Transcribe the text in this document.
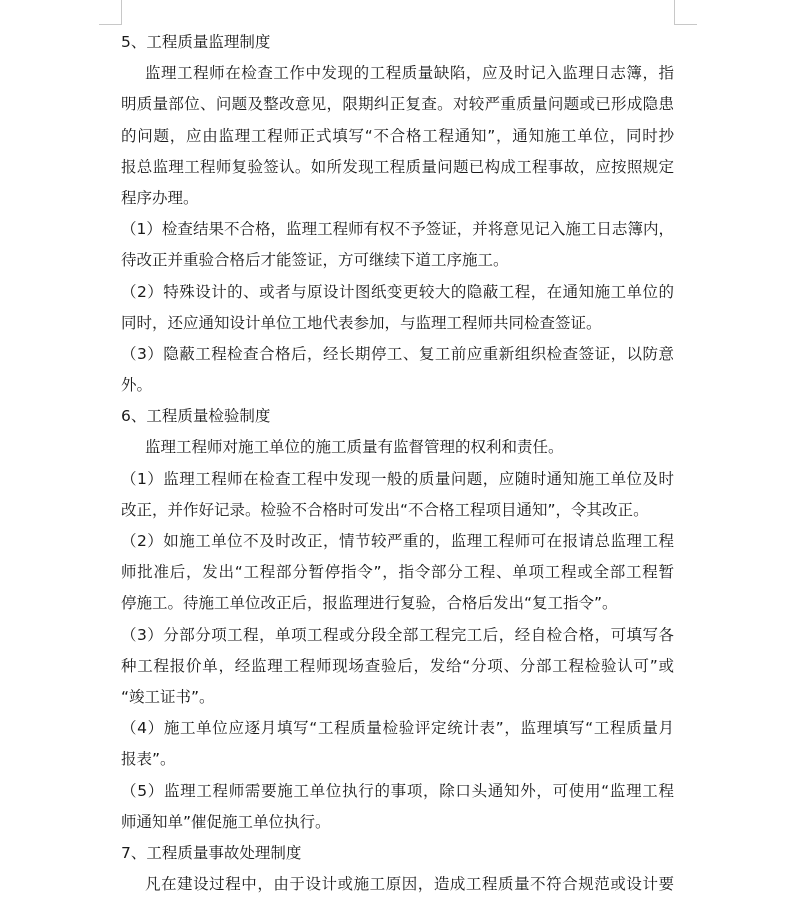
5、工程质量监理制度
监理工程师在检查工作中发现的工程质量缺陷，应及时记入监理日志簿，指
明质量部位、问题及整改意见，限期纠正复查。对较严重质量问题或已形成隐患
的问题，应由监理工程师正式填写“不合格工程通知”，通知施工单位，同时抄
报总监理工程师复验签认。如所发现工程质量问题已构成工程事故，应按照规定
程序办理。
（1）检查结果不合格，监理工程师有权不予签证，并将意见记入施工日志簿内，
待改正并重验合格后才能签证，方可继续下道工序施工。
（2）特殊设计的、或者与原设计图纸变更较大的隐蔽工程，在通知施工单位的
同时，还应通知设计单位工地代表参加，与监理工程师共同检查签证。
（3）隐蔽工程检查合格后，经长期停工、复工前应重新组织检查签证，以防意
外。
6、工程质量检验制度
监理工程师对施工单位的施工质量有监督管理的权利和责任。
（1）监理工程师在检查工程中发现一般的质量问题，应随时通知施工单位及时
改正，并作好记录。检验不合格时可发出“不合格工程项目通知”，令其改正。
（2）如施工单位不及时改正，情节较严重的，监理工程师可在报请总监理工程
师批准后，发出“工程部分暂停指令”，指令部分工程、单项工程或全部工程暂
停施工。待施工单位改正后，报监理进行复验，合格后发出“复工指令”。
（3）分部分项工程，单项工程或分段全部工程完工后，经自检合格，可填写各
种工程报价单，经监理工程师现场查验后，发给“分项、分部工程检验认可”或
“竣工证书”。
（4）施工单位应逐月填写“工程质量检验评定统计表”，监理填写“工程质量月
报表”。
（5）监理工程师需要施工单位执行的事项，除口头通知外，可使用“监理工程
师通知单”催促施工单位执行。
7、工程质量事故处理制度
凡在建设过程中，由于设计或施工原因，造成工程质量不符合规范或设计要
